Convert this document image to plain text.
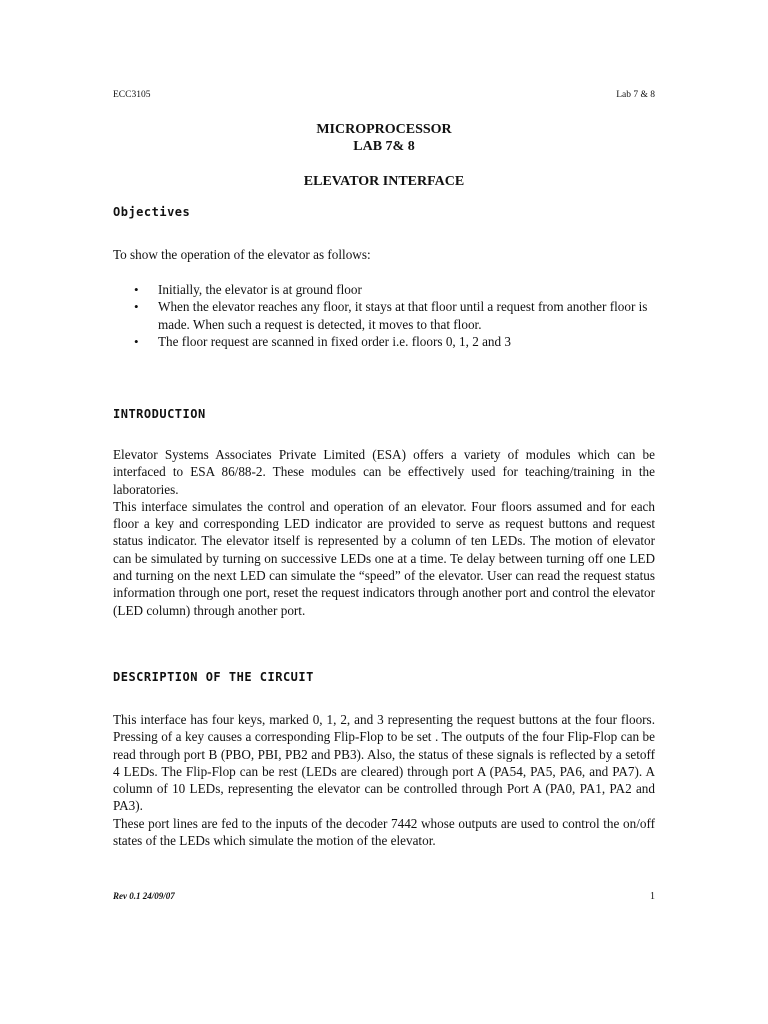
ECC3105	Lab 7 & 8
MICROPROCESSOR
LAB 7& 8
ELEVATOR INTERFACE
Objectives

To show the operation of the elevator as follows:

• Initially, the elevator is at ground floor
• When the elevator reaches any floor, it stays at that floor until a request from another floor is made. When such a request is detected, it moves to that floor.
• The floor request are scanned in fixed order i.e. floors 0, 1, 2 and 3
INTRODUCTION

Elevator Systems Associates Private Limited (ESA) offers a variety of modules which can be interfaced to ESA 86/88-2. These modules can be effectively used for teaching/training in the laboratories.

This interface simulates the control and operation of an elevator. Four floors assumed and for each floor a key and corresponding LED indicator are provided to serve as request buttons and request status indicator. The elevator itself is represented by a column of ten LEDs. The motion of elevator can be simulated by turning on successive LEDs one at a time. Te delay between turning off one LED and turning on the next LED can simulate the “speed” of the elevator. User can read the request status information through one port, reset the request indicators through another port and control the elevator (LED column) through another port.

DESCRIPTION OF THE CIRCUIT

This interface has four keys, marked 0, 1, 2, and 3 representing the request buttons at the four floors. Pressing of a key causes a corresponding Flip-Flop to be set . The outputs of the four Flip-Flop can be read through port B (PBO, PBI, PB2 and PB3). Also, the status of these signals is reflected by a setoff 4 LEDs. The Flip-Flop can be rest (LEDs are cleared) through port A (PA54, PA5, PA6, and PA7). A column of 10 LEDs, representing the elevator can be controlled through Port A (PA0, PA1, PA2 and PA3).

These port lines are fed to the inputs of the decoder 7442 whose outputs are used to control the on/off states of the LEDs which simulate the motion of the elevator.

Rev 0.1 24/09/07	1
